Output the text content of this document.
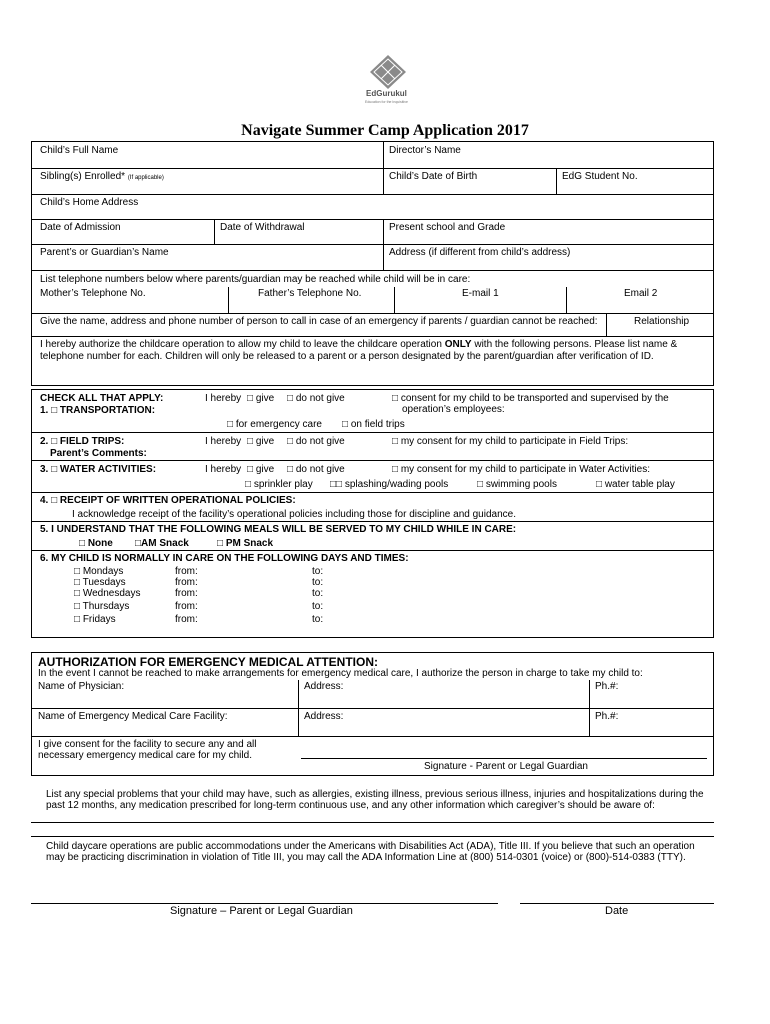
EdGurukul
Education for the Inquisitive
Navigate Summer Camp Application 2017
Child’s Full Name	Director’s Name
Sibling(s) Enrolled* (If applicable)	Child’s Date of Birth	EdG Student No.
Child’s Home Address
Date of Admission	Date of Withdrawal	Present school and Grade
Parent’s or Guardian’s Name	Address (if different from child’s address)
List telephone numbers below where parents/guardian may be reached while child will be in care:
Mother’s Telephone No.	Father’s Telephone No.	E-mail 1	Email 2
Give the name, address and phone number of person to call in case of an emergency if parents / guardian cannot be reached:	Relationship
I hereby authorize the childcare operation to allow my child to leave the childcare operation ONLY with the following persons. Please list name &
telephone number for each. Children will only be released to a parent or a person designated by the parent/guardian after verification of ID.
CHECK ALL THAT APPLY:
1. □ TRANSPORTATION:
I hereby □ give □ do not give	□ consent for my child to be transported and supervised by the
operation’s employees:
□ for emergency care □ on field trips
2. □ FIELD TRIPS:
Parent’s Comments:
I hereby □ give □ do not give	□ my consent for my child to participate in Field Trips:
3. □ WATER ACTIVITIES:	I hereby □ give □ do not give	□ my consent for my child to participate in Water Activities:
□ sprinkler play □□ splashing/wading pools	□ swimming pools	□ water table play
4. □ RECEIPT OF WRITTEN OPERATIONAL POLICIES:
I acknowledge receipt of the facility’s operational policies including those for discipline and guidance.
5. I UNDERSTAND THAT THE FOLLOWING MEALS WILL BE SERVED TO MY CHILD WHILE IN CARE:
□ None □AM Snack	□ PM Snack
6. MY CHILD IS NORMALLY IN CARE ON THE FOLLOWING DAYS AND TIMES:
□ Mondays	from:	to:
□ Tuesdays	from:	to:
□ Wednesdays	from:	to:
□ Thursdays	from:	to:
□ Fridays	from:	to:
AUTHORIZATION FOR EMERGENCY MEDICAL ATTENTION:
In the event I cannot be reached to make arrangements for emergency medical care, I authorize the person in charge to take my child to:
Name of Physician:	Address:	Ph.#:
Name of Emergency Medical Care Facility:	Address:	Ph.#:
I give consent for the facility to secure any and all
necessary emergency medical care for my child.
Signature - Parent or Legal Guardian
List any special problems that your child may have, such as allergies, existing illness, previous serious illness, injuries and hospitalizations during the
past 12 months, any medication prescribed for long-term continuous use, and any other information which caregiver’s should be aware of:
Child daycare operations are public accommodations under the Americans with Disabilities Act (ADA), Title III. If you believe that such an operation
may be practicing discrimination in violation of Title III, you may call the ADA Information Line at (800) 514-0301 (voice) or (800)-514-0383 (TTY).
Signature – Parent or Legal Guardian	Date
